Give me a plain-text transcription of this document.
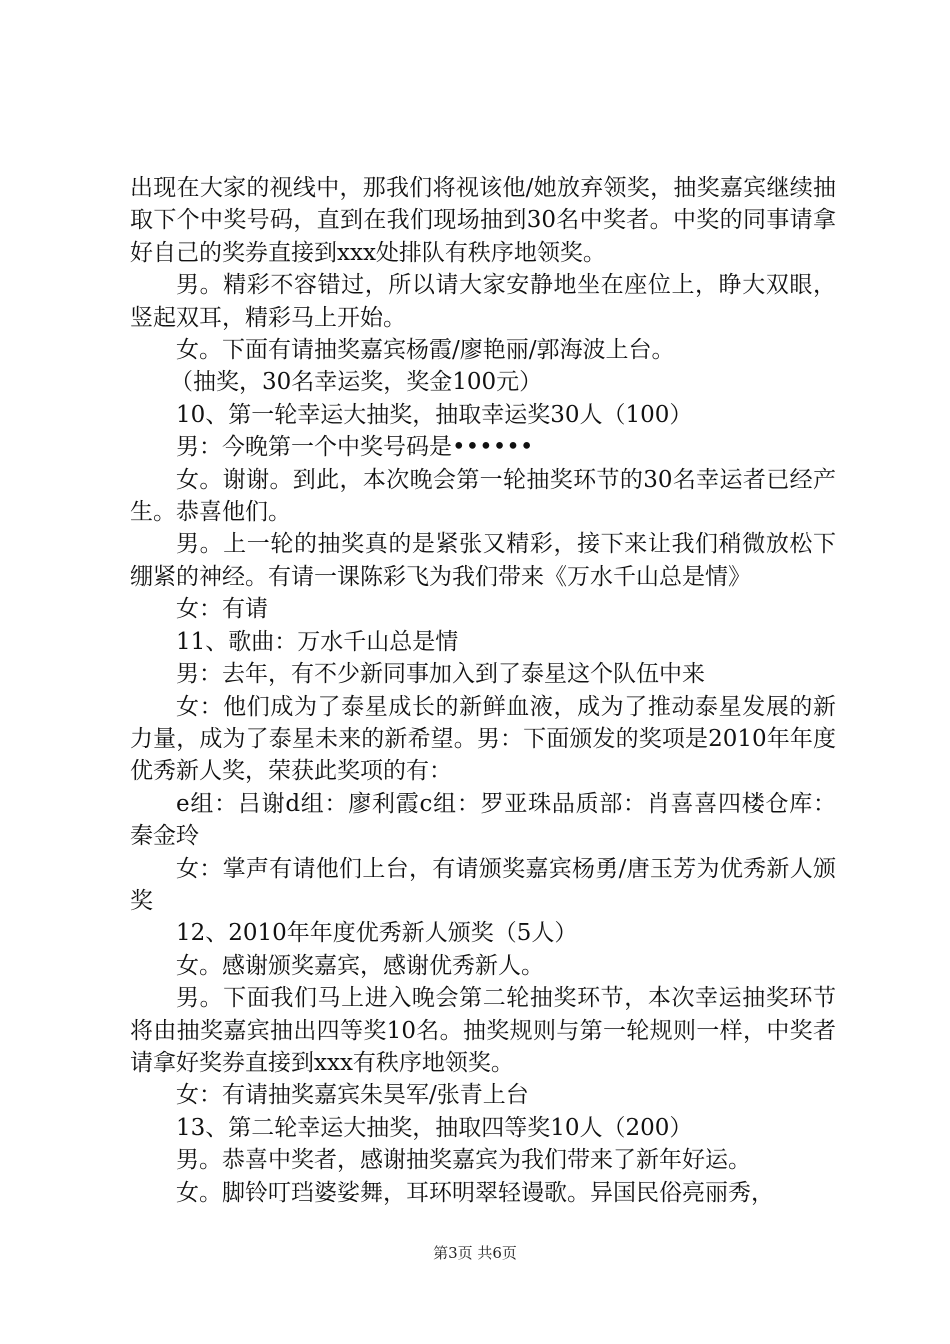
出现在大家的视线中，那我们将视该他/她放弃领奖，抽奖嘉宾继续抽取下个中奖号码，直到在我们现场抽到30名中奖者。中奖的同事请拿好自己的奖券直接到xxx处排队有秩序地领奖。

男。精彩不容错过，所以请大家安静地坐在座位上，睁大双眼，竖起双耳，精彩马上开始。

女。下面有请抽奖嘉宾杨霞/廖艳丽/郭海波上台。

（抽奖，30名幸运奖，奖金100元）

10、第一轮幸运大抽奖，抽取幸运奖30人（100）

男：今晚第一个中奖号码是••••••

女。谢谢。到此，本次晚会第一轮抽奖环节的30名幸运者已经产生。恭喜他们。

男。上一轮的抽奖真的是紧张又精彩，接下来让我们稍微放松下绷紧的神经。有请一课陈彩飞为我们带来《万水千山总是情》

女：有请

11、歌曲：万水千山总是情

男：去年，有不少新同事加入到了泰星这个队伍中来

女：他们成为了泰星成长的新鲜血液，成为了推动泰星发展的新力量，成为了泰星未来的新希望。男：下面颁发的奖项是2010年年度优秀新人奖，荣获此奖项的有：

e组：吕谢d组：廖利霞c组：罗亚珠品质部：肖喜喜四楼仓库：秦金玲

女：掌声有请他们上台，有请颁奖嘉宾杨勇/唐玉芳为优秀新人颁奖

12、2010年年度优秀新人颁奖（5人）

女。感谢颁奖嘉宾，感谢优秀新人。

男。下面我们马上进入晚会第二轮抽奖环节，本次幸运抽奖环节将由抽奖嘉宾抽出四等奖10名。抽奖规则与第一轮规则一样，中奖者请拿好奖券直接到xxx有秩序地领奖。

女：有请抽奖嘉宾朱昊军/张青上台

13、第二轮幸运大抽奖，抽取四等奖10人（200）

男。恭喜中奖者，感谢抽奖嘉宾为我们带来了新年好运。

女。脚铃叮珰婆娑舞，耳环明翠轻谩歌。异国民俗亮丽秀，

第3页 共6页
